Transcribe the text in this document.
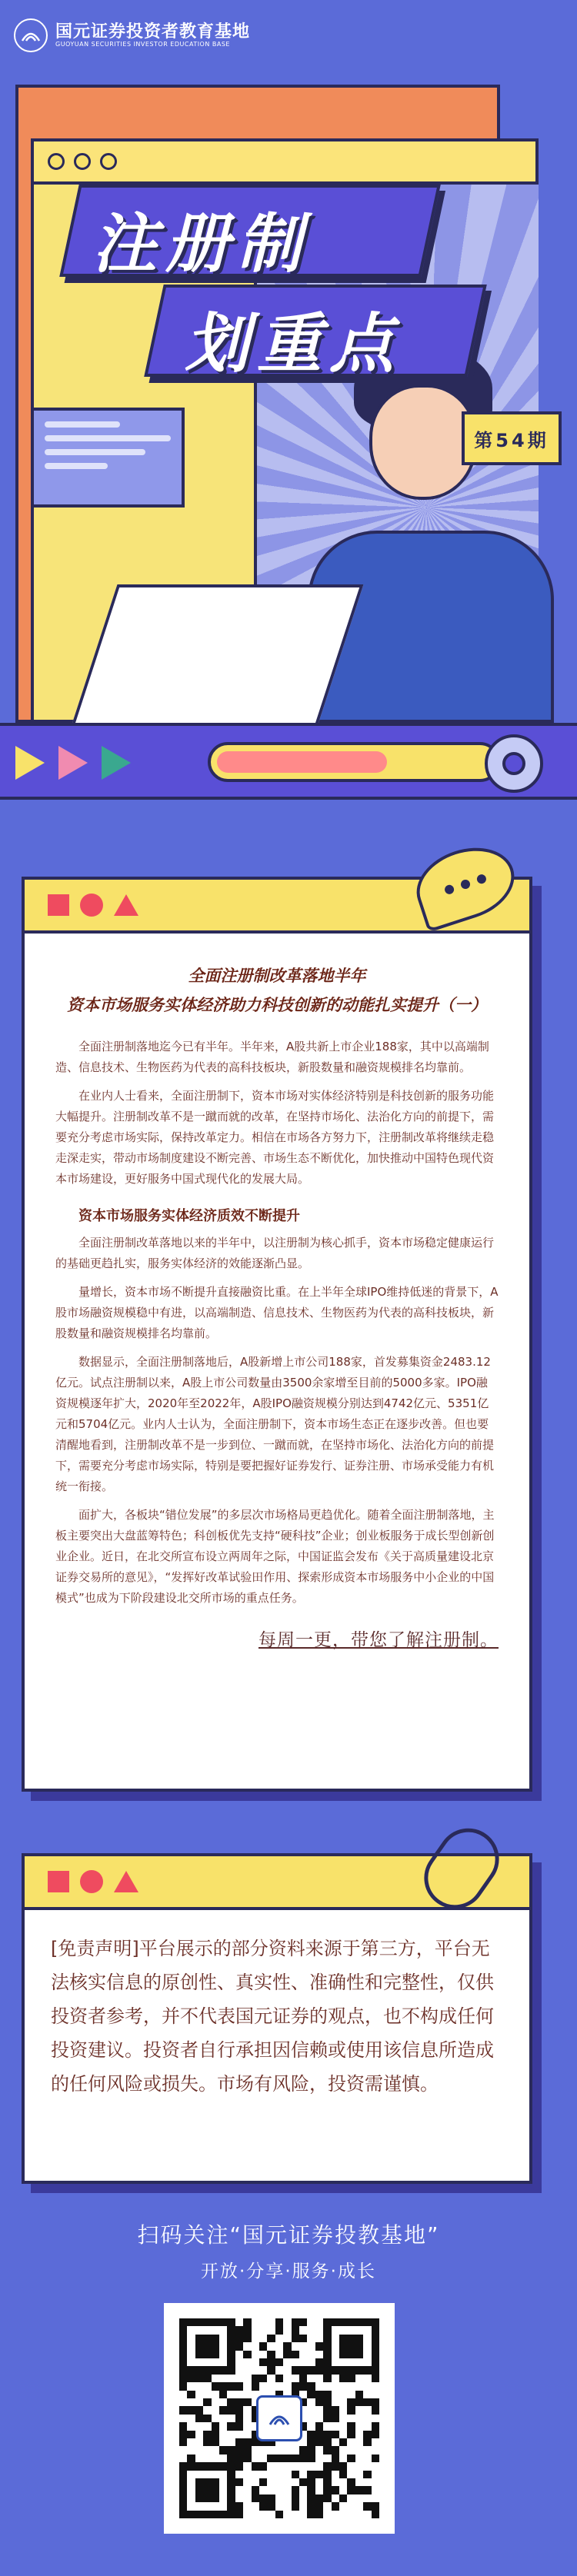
国元证券投资者教育基地
GUOYUAN SECURITIES INVESTOR EDUCATION BASE
注册制
划重点
第54期
全面注册制改革落地半年
资本市场服务实体经济助力科技创新的动能扎实提升（一）

全面注册制落地迄今已有半年。半年来，A股共新上市企业188家，其中以高端制造、信息技术、生物医药为代表的高科技板块，新股数量和融资规模排名均靠前。

在业内人士看来，全面注册制下，资本市场对实体经济特别是科技创新的服务功能大幅提升。注册制改革不是一蹴而就的改革，在坚持市场化、法治化方向的前提下，需要充分考虑市场实际，保持改革定力。相信在市场各方努力下，注册制改革将继续走稳走深走实，带动市场制度建设不断完善、市场生态不断优化，加快推动中国特色现代资本市场建设，更好服务中国式现代化的发展大局。

资本市场服务实体经济质效不断提升

全面注册制改革落地以来的半年中，以注册制为核心抓手，资本市场稳定健康运行的基础更趋扎实，服务实体经济的效能逐渐凸显。

量增长，资本市场不断提升直接融资比重。在上半年全球IPO维持低迷的背景下，A股市场融资规模稳中有进，以高端制造、信息技术、生物医药为代表的高科技板块，新股数量和融资规模排名均靠前。

数据显示，全面注册制落地后，A股新增上市公司188家，首发募集资金2483.12亿元。试点注册制以来，A股上市公司数量由3500余家增至目前的5000多家。IPO融资规模逐年扩大，2020年至2022年，A股IPO融资规模分别达到4742亿元、5351亿元和5704亿元。业内人士认为，全面注册制下，资本市场生态正在逐步改善。但也要清醒地看到，注册制改革不是一步到位、一蹴而就，在坚持市场化、法治化方向的前提下，需要充分考虑市场实际，特别是要把握好证券发行、证券注册、市场承受能力有机统一衔接。

面扩大，各板块“错位发展”的多层次市场格局更趋优化。随着全面注册制落地，主板主要突出大盘蓝筹特色；科创板优先支持“硬科技”企业；创业板服务于成长型创新创业企业。近日，在北交所宣布设立两周年之际，中国证监会发布《关于高质量建设北京证券交易所的意见》，“发挥好改革试验田作用、探索形成资本市场服务中小企业的中国模式”也成为下阶段建设北交所市场的重点任务。

每周一更，带您了解注册制。

[免责声明]平台展示的部分资料来源于第三方，平台无法核实信息的原创性、真实性、准确性和完整性，仅供投资者参考，并不代表国元证券的观点，也不构成任何投资建议。投资者自行承担因信赖或使用该信息所造成的任何风险或损失。市场有风险，投资需谨慎。

扫码关注“国元证券投教基地”
开放·分享·服务·成长
